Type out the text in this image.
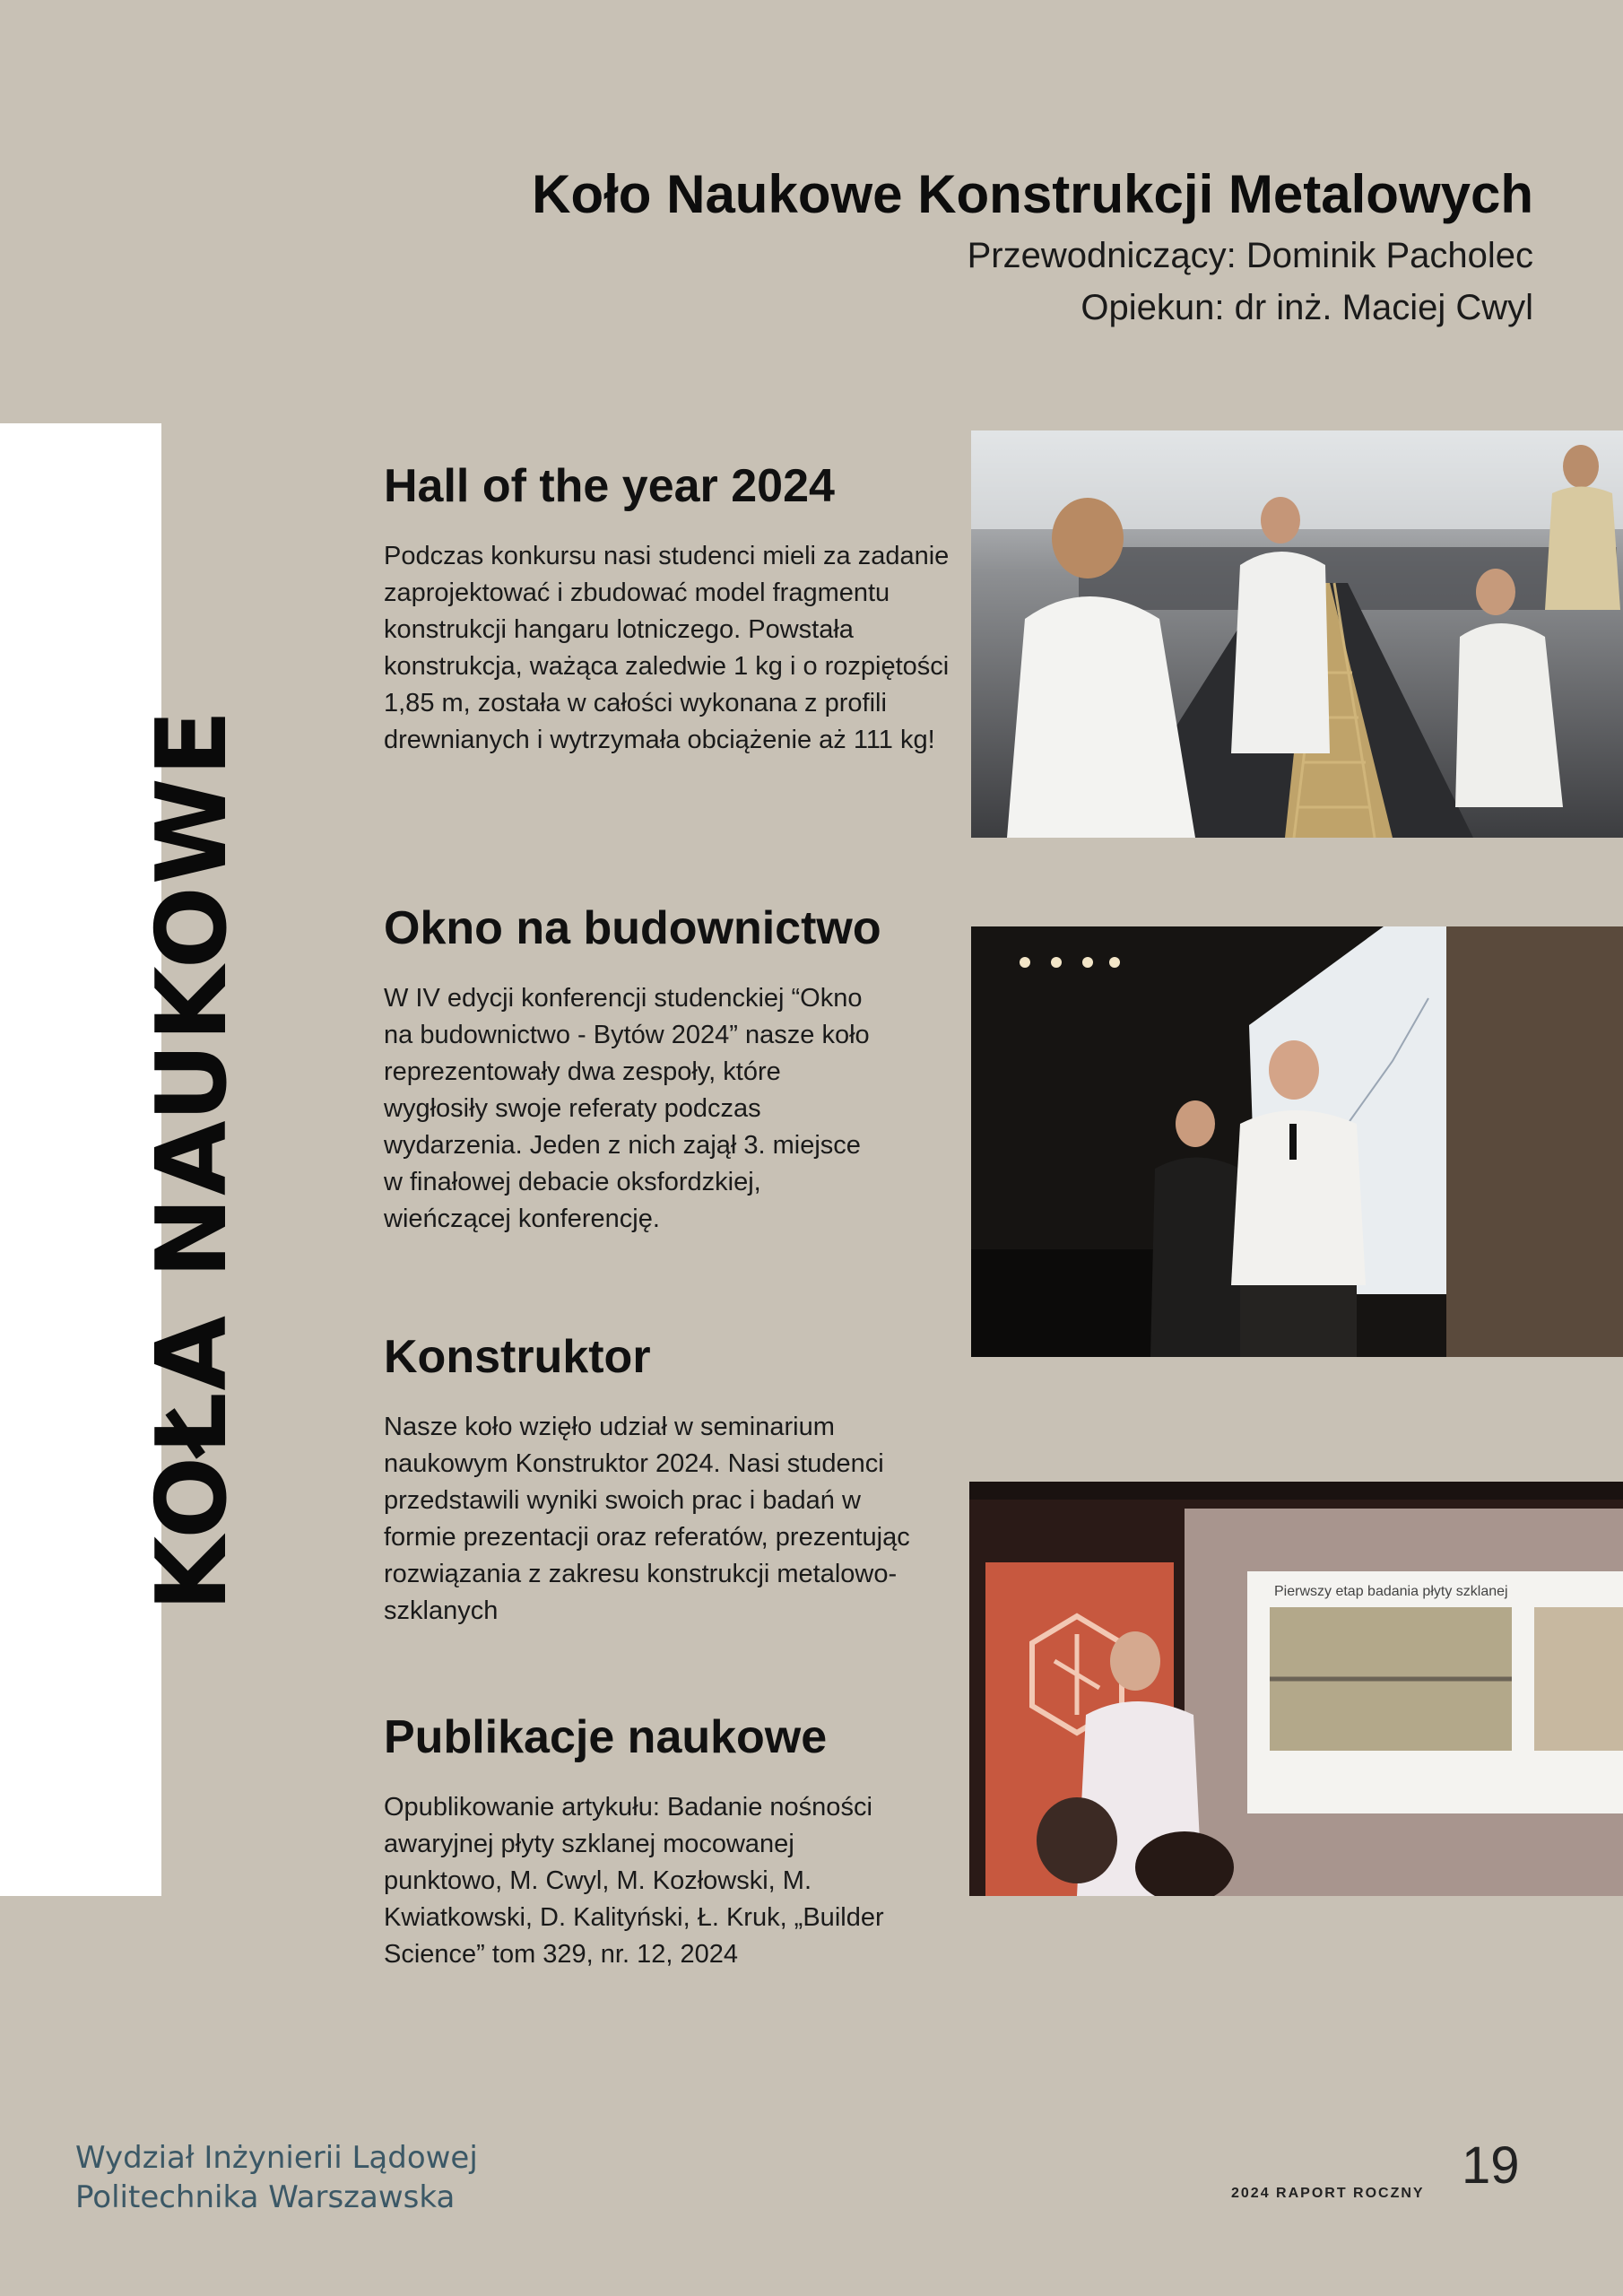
Koło Naukowe Konstrukcji Metalowych
Przewodniczący: Dominik Pacholec
Opiekun: dr inż. Maciej Cwyl
KOŁA NAUKOWE
Hall of the year 2024

Podczas konkursu nasi studenci mieli za zadanie zaprojektować i zbudować model fragmentu konstrukcji hangaru lotniczego. Powstała konstrukcja, ważąca zaledwie 1 kg i o rozpiętości 1,85 m, została w całości wykonana z profili drewnianych i wytrzymała obciążenie aż 111 kg!

Okno na budownictwo

W IV edycji konferencji studenckiej “Okno na budownictwo - Bytów 2024” nasze koło reprezentowały dwa zespoły, które wygłosiły swoje referaty podczas wydarzenia. Jeden z nich zajął 3. miejsce w finałowej debacie oksfordzkiej, wieńczącej konferencję.

Konstruktor

Nasze koło wzięło udział w seminarium naukowym Konstruktor 2024. Nasi studenci przedstawili wyniki swoich prac i badań w formie prezentacji oraz referatów, prezentując rozwiązania z zakresu konstrukcji metalowo-szklanych

Publikacje naukowe

Opublikowanie artykułu: Badanie nośności awaryjnej płyty szklanej mocowanej punktowo, M. Cwyl, M. Kozłowski, M. Kwiatkowski, D. Kalityński, Ł. Kruk, „Builder Science” tom 329, nr. 12, 2024

Pierwszy etap badania płyty szklanej
Wydział Inżynierii Lądowej
Politechnika Warszawska	2024 RAPORT ROCZNY 19
